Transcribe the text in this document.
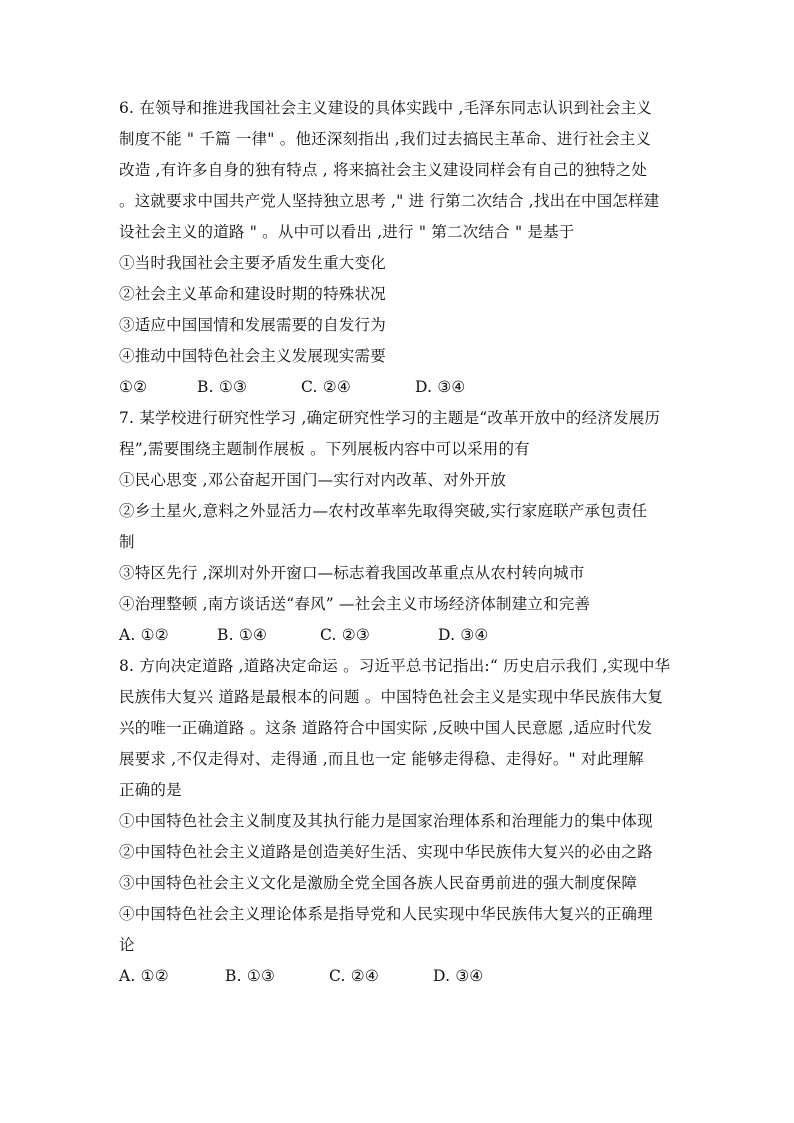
6. 在领导和推进我国社会主义建设的具体实践中 ,毛泽东同志认识到社会主义
制度不能 " 千篇 一律" 。他还深刻指出 ,我们过去搞民主革命、进行社会主义
改造 ,有许多自身的独有特点 , 将来搞社会主义建设同样会有自己的独特之处
。这就要求中国共产党人坚持独立思考 ," 进 行第二次结合 ,找出在中国怎样建
设社会主义的道路 " 。从中可以看出 ,进行 " 第二次结合 " 是基于
①当时我国社会主要矛盾发生重大变化
②社会主义革命和建设时期的特殊状况
③适应中国国情和发展需要的自发行为
④推动中国特色社会主义发展现实需要
①②	B. ①③	C. ②④	D. ③④
7. 某学校进行研究性学习 ,确定研究性学习的主题是“改革开放中的经济发展历
程”,需要围绕主题制作展板 。下列展板内容中可以采用的有
①民心思变 ,邓公奋起开国门—实行对内改革、对外开放
②乡土星火,意料之外显活力—农村改革率先取得突破,实行家庭联产承包责任
制
③特区先行 ,深圳对外开窗口—标志着我国改革重点从农村转向城市
④治理整顿 ,南方谈话送“春风” —社会主义市场经济体制建立和完善
A. ①②	B. ①④	C. ②③	D. ③④
8. 方向决定道路 ,道路决定命运 。习近平总书记指出:“ 历史启示我们 ,实现中华
民族伟大复兴 道路是最根本的问题 。中国特色社会主义是实现中华民族伟大复
兴的唯一正确道路 。这条 道路符合中国实际 ,反映中国人民意愿 ,适应时代发
展要求 ,不仅走得对、走得通 ,而且也一定 能够走得稳、走得好。" 对此理解
正确的是
①中国特色社会主义制度及其执行能力是国家治理体系和治理能力的集中体现
②中国特色社会主义道路是创造美好生活、实现中华民族伟大复兴的必由之路
③中国特色社会主义文化是激励全党全国各族人民奋勇前进的强大制度保障
④中国特色社会主义理论体系是指导党和人民实现中华民族伟大复兴的正确理
论
A. ①②	B. ①③	C. ②④	D. ③④
